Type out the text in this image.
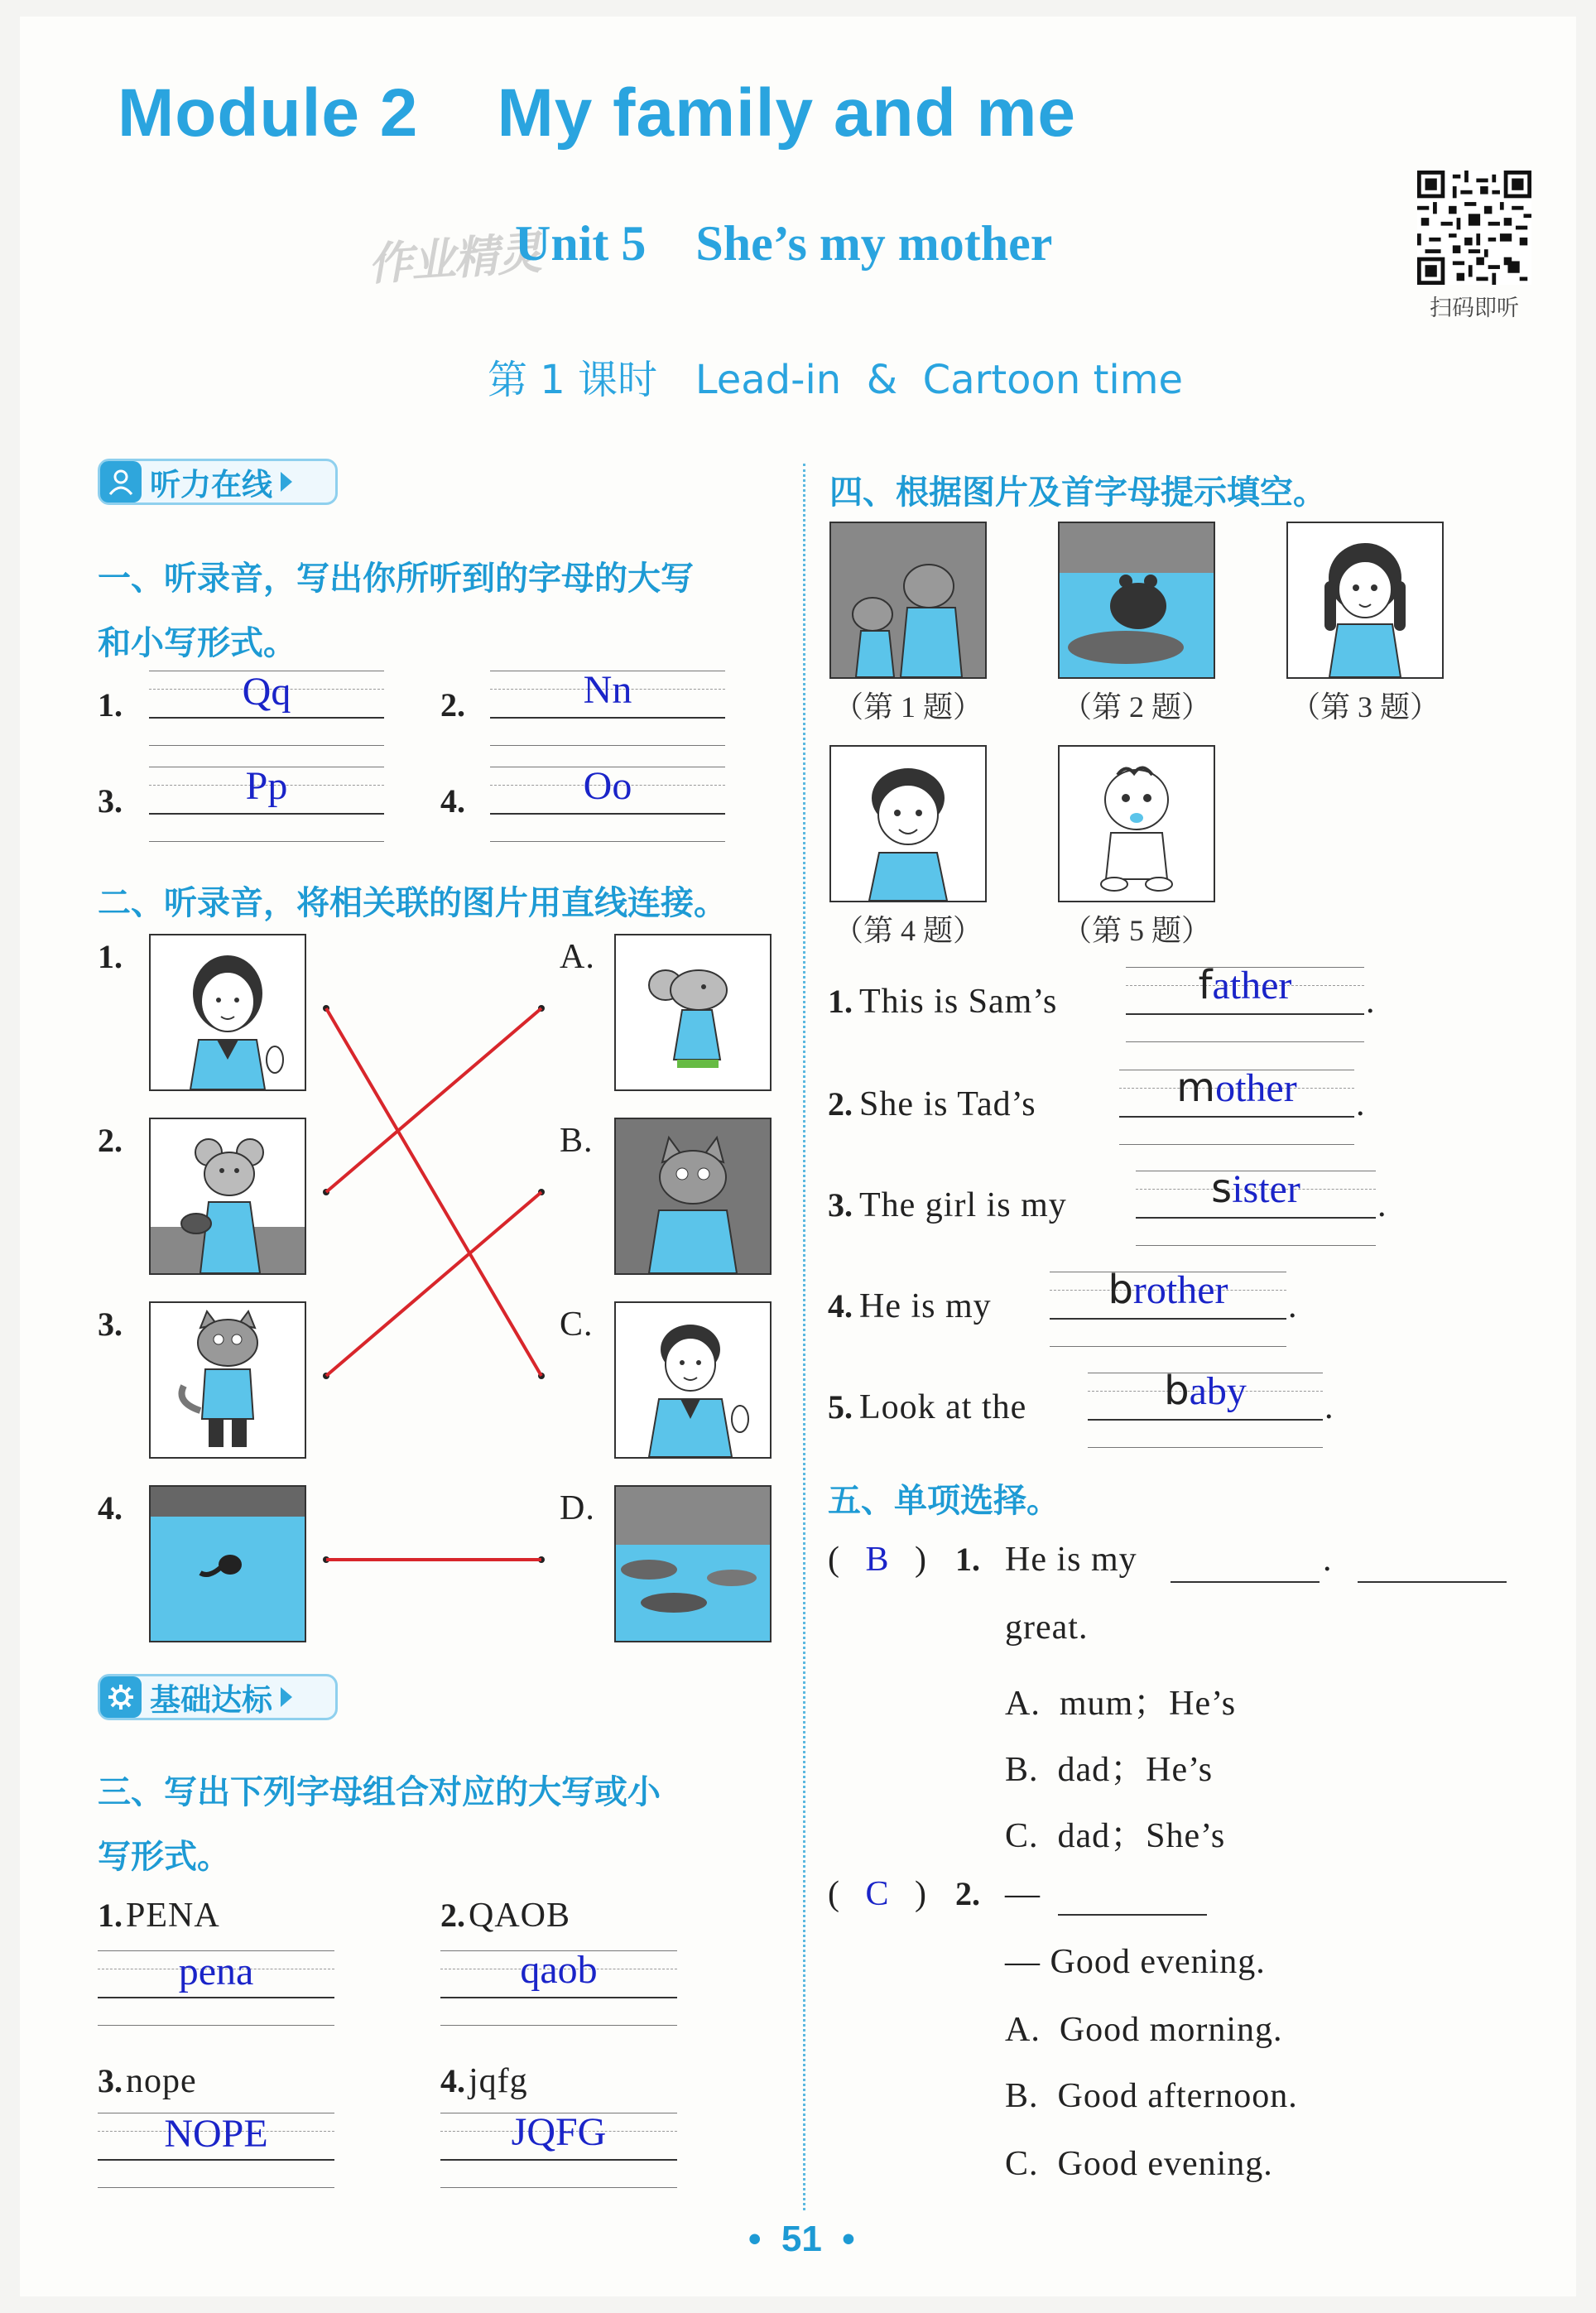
Module 2    My family and me
作业精灵
Unit 5    She’s my mother
第 1 课时   Lead-in  &  Cartoon time
扫码即听
听力在线
一、听录音，写出你所听到的字母的大写
和小写形式。
1.	Qq	2.	Nn
3.	Pp	4.	Oo
二、听录音，将相关联的图片用直线连接。
1.
2.
3.
4.
A.
B.
C.
D.
基础达标
三、写出下列字母组合对应的大写或小
写形式。
1. PENA
pena
2. QAOB
qaob
3. nope
NOPE
4. jqfg
JQFG
四、根据图片及首字母提示填空。
（第 1 题）	（第 2 题）	（第 3 题）
（第 4 题）	（第 5 题）
1. This is Sam’s	father	.
2. She is Tad’s	mother	.
3. The girl is my	sister	.
4. He is my	brother	.
5. Look at the	baby	.
五、单项选择。
(   B   ) 1. He is my	.
great.
A.  mum；He’s
B.  dad；He’s
C.  dad；She’s
(   C   ) 2. —
— Good evening.
A.  Good morning.
B.  Good afternoon.
C.  Good evening.
•  51  •
